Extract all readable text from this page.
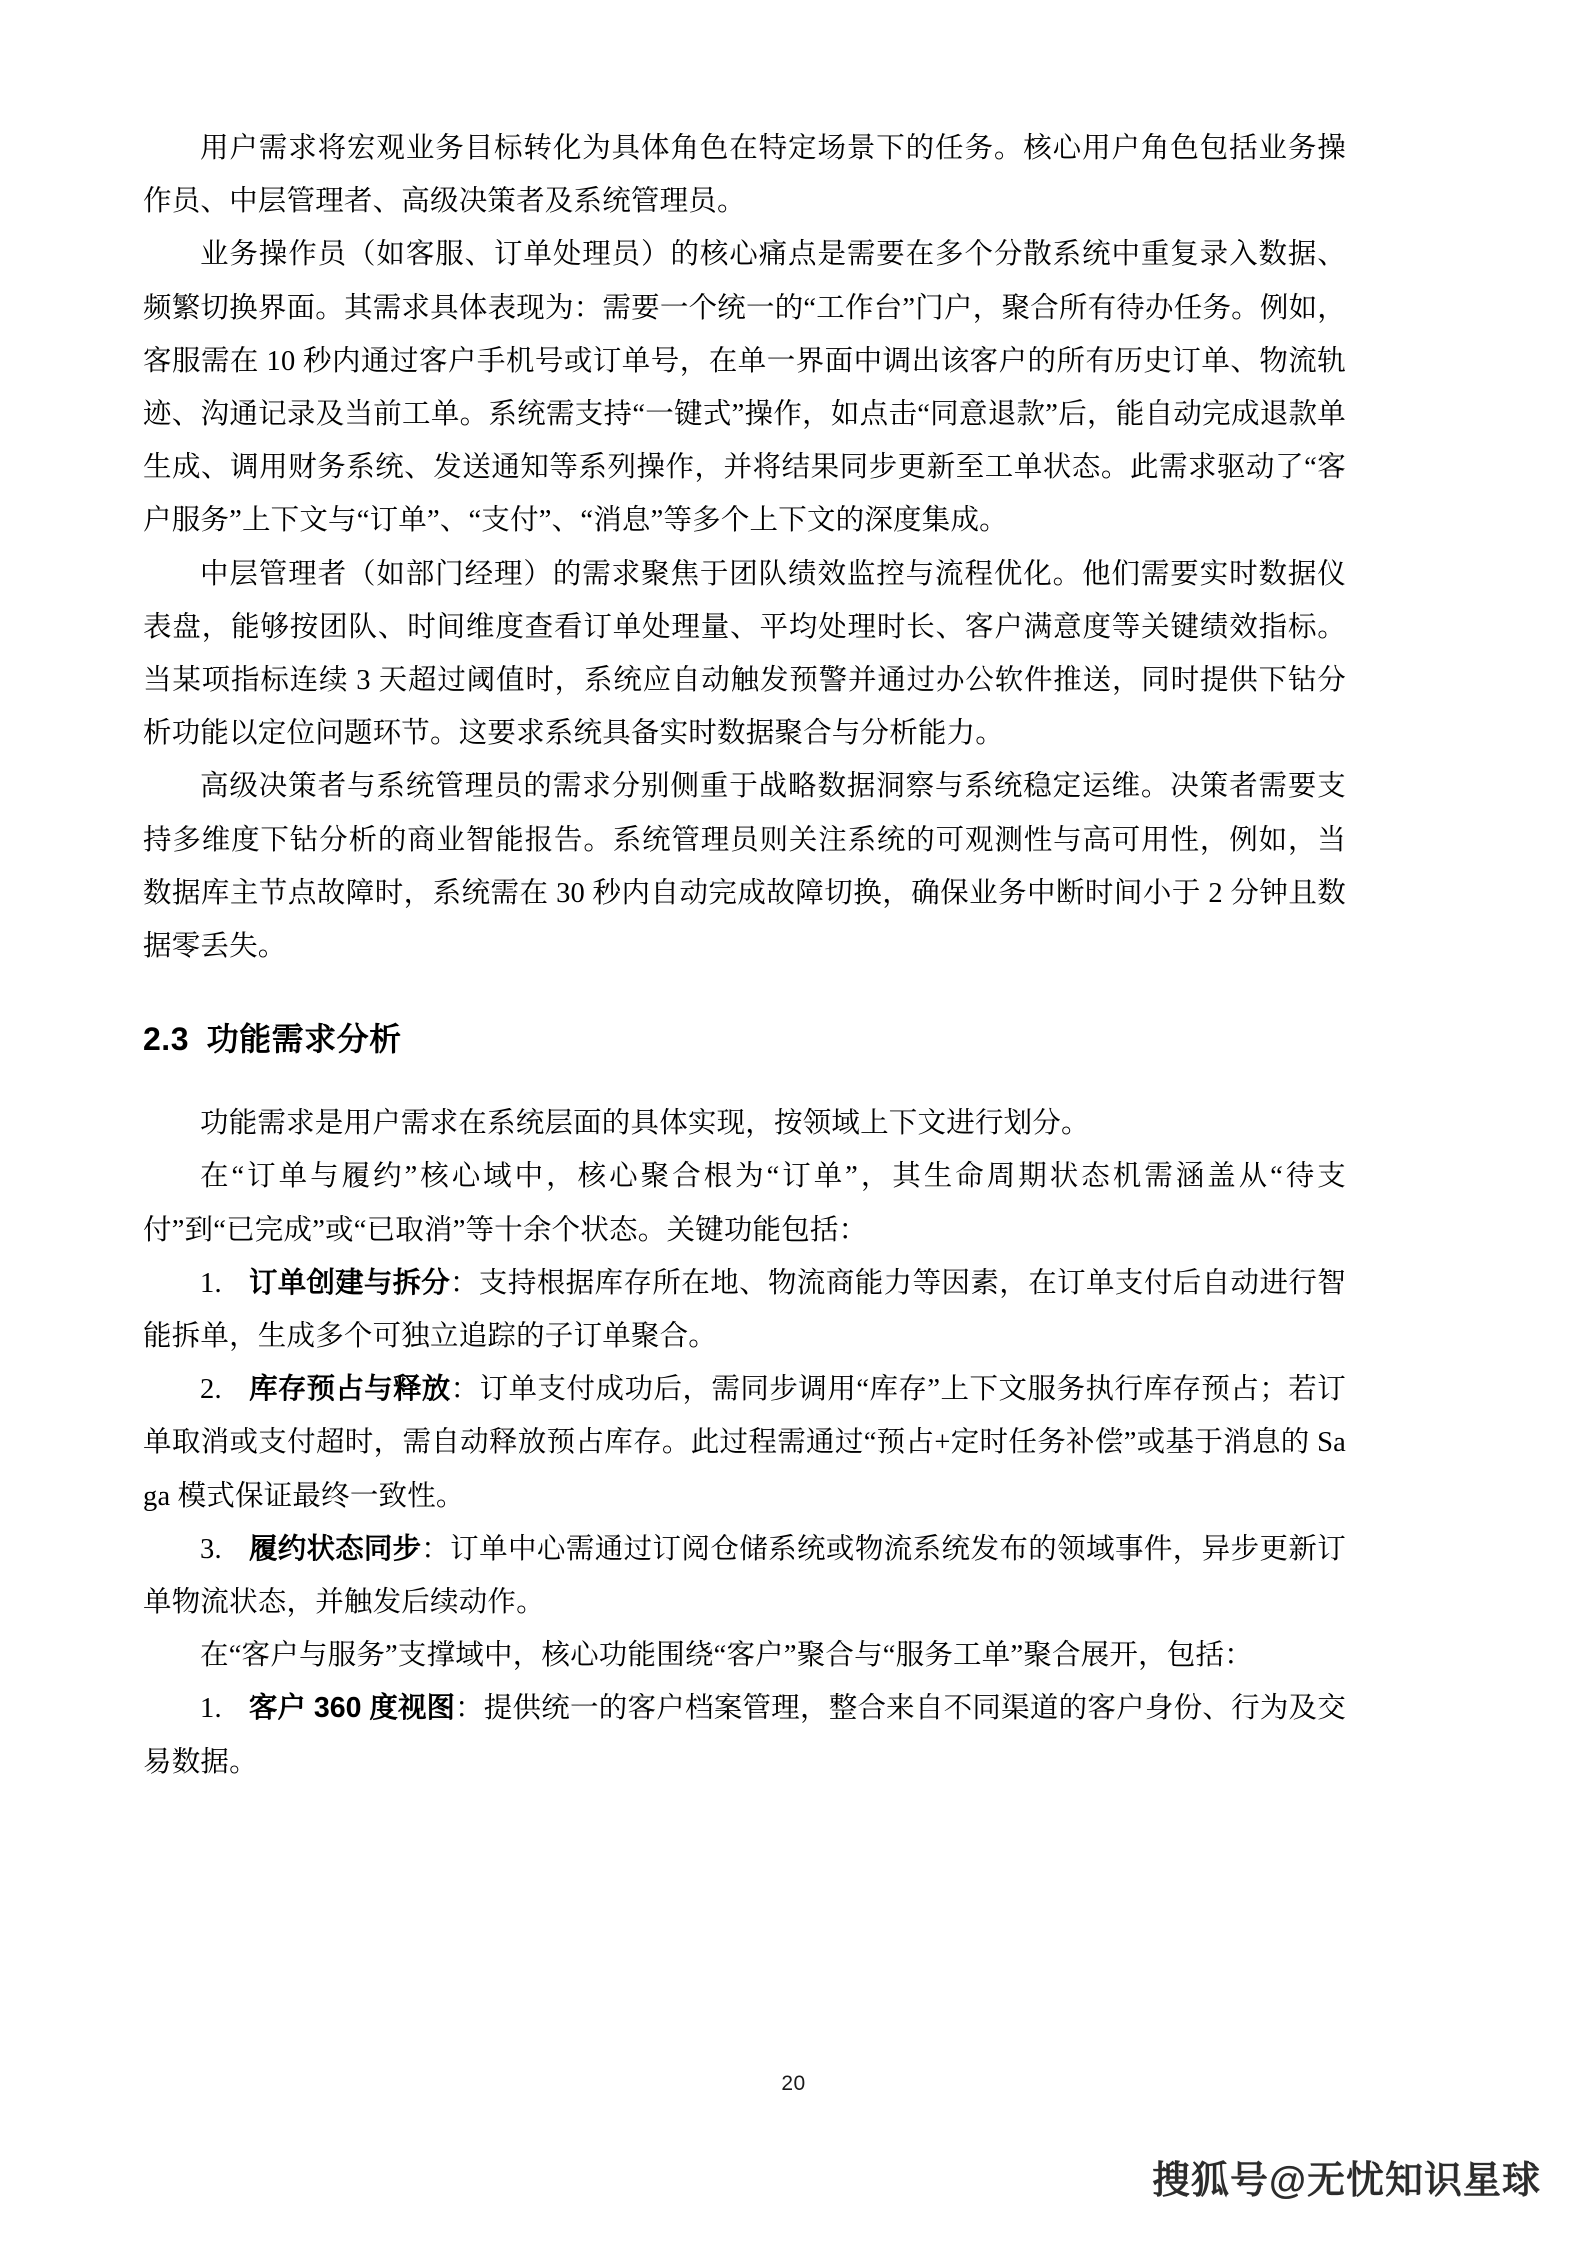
用户需求将宏观业务目标转化为具体角色在特定场景下的任务。核心用户角色包括业务操作员、中层管理者、高级决策者及系统管理员。

业务操作员（如客服、订单处理员）的核心痛点是需要在多个分散系统中重复录入数据、频繁切换界面。其需求具体表现为：需要一个统一的“工作台”门户，聚合所有待办任务。例如，客服需在 10 秒内通过客户手机号或订单号，在单一界面中调出该客户的所有历史订单、物流轨迹、沟通记录及当前工单。系统需支持“一键式”操作，如点击“同意退款”后，能自动完成退款单生成、调用财务系统、发送通知等系列操作，并将结果同步更新至工单状态。此需求驱动了“客户服务”上下文与“订单”、“支付”、“消息”等多个上下文的深度集成。

中层管理者（如部门经理）的需求聚焦于团队绩效监控与流程优化。他们需要实时数据仪表盘，能够按团队、时间维度查看订单处理量、平均处理时长、客户满意度等关键绩效指标。当某项指标连续 3 天超过阈值时，系统应自动触发预警并通过办公软件推送，同时提供下钻分析功能以定位问题环节。这要求系统具备实时数据聚合与分析能力。

高级决策者与系统管理员的需求分别侧重于战略数据洞察与系统稳定运维。决策者需要支持多维度下钻分析的商业智能报告。系统管理员则关注系统的可观测性与高可用性，例如，当数据库主节点故障时，系统需在 30 秒内自动完成故障切换，确保业务中断时间小于 2 分钟且数据零丢失。

2.3 功能需求分析

功能需求是用户需求在系统层面的具体实现，按领域上下文进行划分。

在“订单与履约”核心域中，核心聚合根为“订单”，其生命周期状态机需涵盖从“待支付”到“已完成”或“已取消”等十余个状态。关键功能包括：

1. 订单创建与拆分：支持根据库存所在地、物流商能力等因素，在订单支付后自动进行智能拆单，生成多个可独立追踪的子订单聚合。

2. 库存预占与释放：订单支付成功后，需同步调用“库存”上下文服务执行库存预占；若订单取消或支付超时，需自动释放预占库存。此过程需通过“预占+定时任务补偿”或基于消息的 Saga 模式保证最终一致性。

3. 履约状态同步：订单中心需通过订阅仓储系统或物流系统发布的领域事件，异步更新订单物流状态，并触发后续动作。

在“客户与服务”支撑域中，核心功能围绕“客户”聚合与“服务工单”聚合展开，包括：

1. 客户 360 度视图：提供统一的客户档案管理，整合来自不同渠道的客户身份、行为及交易数据。

20
搜狐号@无忧知识星球
